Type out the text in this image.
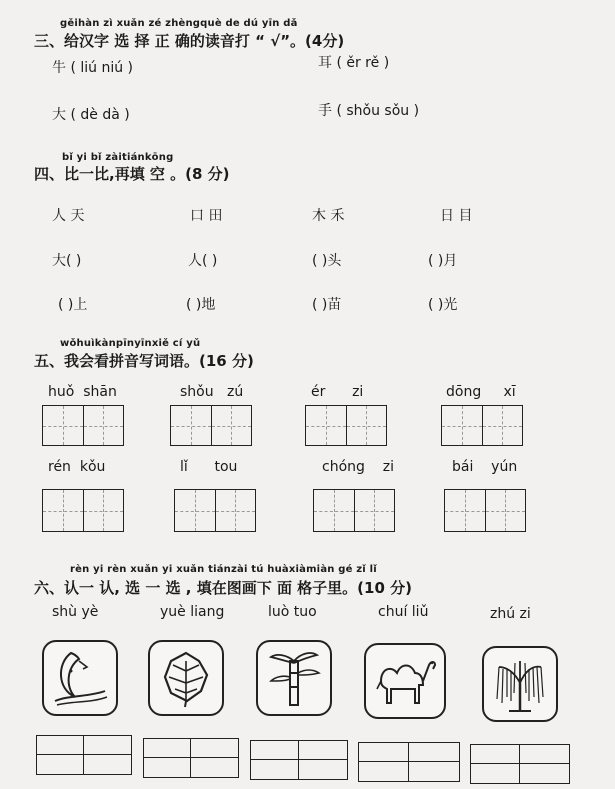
gěihàn zì xuǎn zé zhèngquè de dú yīn dǎ
三、给汉字 选 择 正 确的读音打 “ √”。(4分)
牛 ( liú niú )	耳 ( ěr rě )
大 ( dè dà )	手 ( shǒu sǒu )
bǐ yi bǐ zàitiánkōng
四、比一比,再填 空 。(8 分)
人 天	口 田	木 禾	日 目
大( )	人( )	( )头	( )月
( )上	( )地	( )苗	( )光
wǒhuìkànpīnyīnxiě cí yǔ
五、我会看拼音写词语。(16 分)
huǒ shān	shǒu zú	ér zi	dōng xī
rén kǒu	lǐ tou	chóng zi	bái yún
rèn yi rèn xuǎn yi xuǎn tiánzài tú huàxiàmiàn gé zǐ lǐ
六、认一 认, 选 一 选 , 填在图画下 面 格子里。(10 分)
shù yè	yuè liang	luò tuo	chuí liǔ	zhú zi
